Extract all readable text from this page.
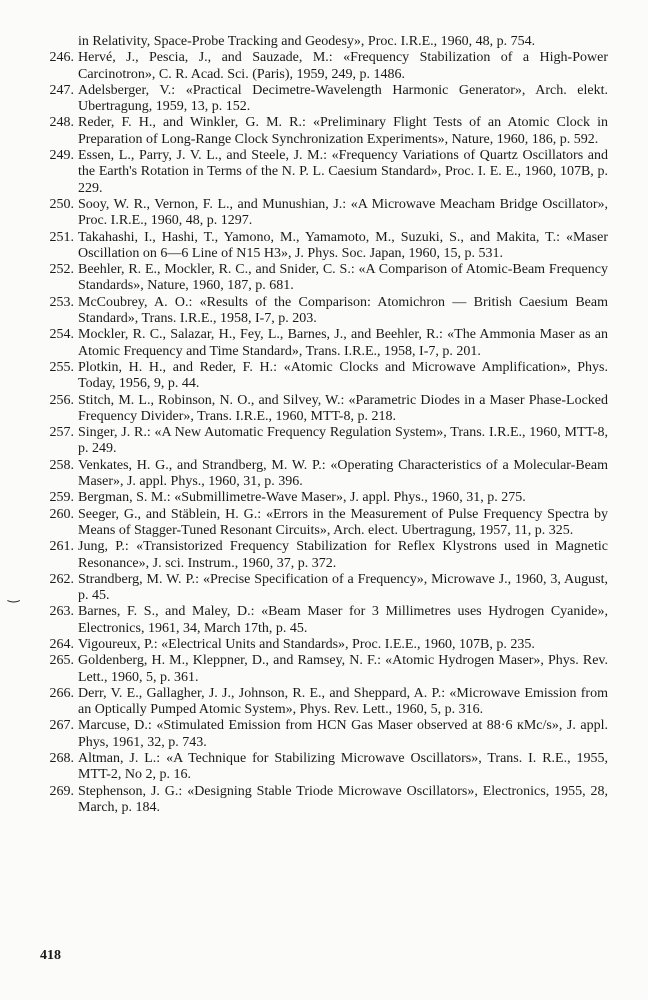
in Relativity, Space-Probe Tracking and Geodesy», Proc. I.R.E., 1960, 48, p. 754.
246. Hervé, J., Pescia, J., and Sauzade, M.: «Frequency Stabilization of a High-Power Carcinotron», C. R. Acad. Sci. (Paris), 1959, 249, p. 1486.
247. Adelsberger, V.: «Practical Decimetre-Wavelength Harmonic Generator», Arch. elekt. Ubertragung, 1959, 13, p. 152.
248. Reder, F. H., and Winkler, G. M. R.: «Preliminary Flight Tests of an Atomic Clock in Preparation of Long-Range Clock Synchronization Experiments», Nature, 1960, 186, p. 592.
249. Essen, L., Parry, J. V. L., and Steele, J. M.: «Frequency Variations of Quartz Oscillators and the Earth's Rotation in Terms of the N. P. L. Caesium Standard», Proc. I. E. E., 1960, 107B, p. 229.
250. Sooy, W. R., Vernon, F. L., and Munushian, J.: «A Microwave Meacham Bridge Oscillator», Proc. I.R.E., 1960, 48, p. 1297.
251. Takahashi, I., Hashi, T., Yamono, M., Yamamoto, M., Suzuki, S., and Makita, T.: «Maser Oscillation on 6—6 Line of N15 H3», J. Phys. Soc. Japan, 1960, 15, p. 531.
252. Beehler, R. E., Mockler, R. C., and Snider, C. S.: «A Comparison of Atomic-Beam Frequency Standards», Nature, 1960, 187, p. 681.
253. McCoubrey, A. O.: «Results of the Comparison: Atomichron — British Caesium Beam Standard», Trans. I.R.E., 1958, I-7, p. 203.
254. Mockler, R. C., Salazar, H., Fey, L., Barnes, J., and Beehler, R.: «The Ammonia Maser as an Atomic Frequency and Time Standard», Trans. I.R.E., 1958, I-7, p. 201.
255. Plotkin, H. H., and Reder, F. H.: «Atomic Clocks and Microwave Amplification», Phys. Today, 1956, 9, p. 44.
256. Stitch, M. L., Robinson, N. O., and Silvey, W.: «Parametric Diodes in a Maser Phase-Locked Frequency Divider», Trans. I.R.E., 1960, MTT-8, p. 218.
257. Singer, J. R.: «A New Automatic Frequency Regulation System», Trans. I.R.E., 1960, MTT-8, p. 249.
258. Venkates, H. G., and Strandberg, M. W. P.: «Operating Characteristics of a Molecular-Beam Maser», J. appl. Phys., 1960, 31, p. 396.
259. Bergman, S. M.: «Submillimetre-Wave Maser», J. appl. Phys., 1960, 31, p. 275.
260. Seeger, G., and Stäblein, H. G.: «Errors in the Measurement of Pulse Frequency Spectra by Means of Stagger-Tuned Resonant Circuits», Arch. elect. Ubertragung, 1957, 11, p. 325.
261. Jung, P.: «Transistorized Frequency Stabilization for Reflex Klystrons used in Magnetic Resonance», J. sci. Instrum., 1960, 37, p. 372.
262. Strandberg, M. W. P.: «Precise Specification of a Frequency», Microwave J., 1960, 3, August, p. 45.
263. Barnes, F. S., and Maley, D.: «Beam Maser for 3 Millimetres uses Hydrogen Cyanide», Electronics, 1961, 34, March 17th, p. 45.
264. Vigoureux, P.: «Electrical Units and Standards», Proc. I.E.E., 1960, 107B, p. 235.
265. Goldenberg, H. M., Kleppner, D., and Ramsey, N. F.: «Atomic Hydrogen Maser», Phys. Rev. Lett., 1960, 5, p. 361.
266. Derr, V. E., Gallagher, J. J., Johnson, R. E., and Sheppard, A. P.: «Microwave Emission from an Optically Pumped Atomic System», Phys. Rev. Lett., 1960, 5, p. 316.
267. Marcuse, D.: «Stimulated Emission from HCN Gas Maser observed at 88·6 кMc/s», J. appl. Phys, 1961, 32, p. 743.
268. Altman, J. L.: «A Technique for Stabilizing Microwave Oscillators», Trans. I. R.E., 1955, MTT-2, No 2, p. 16.
269. Stephenson, J. G.: «Designing Stable Triode Microwave Oscillators», Electronics, 1955, 28, March, p. 184.
‿
418
